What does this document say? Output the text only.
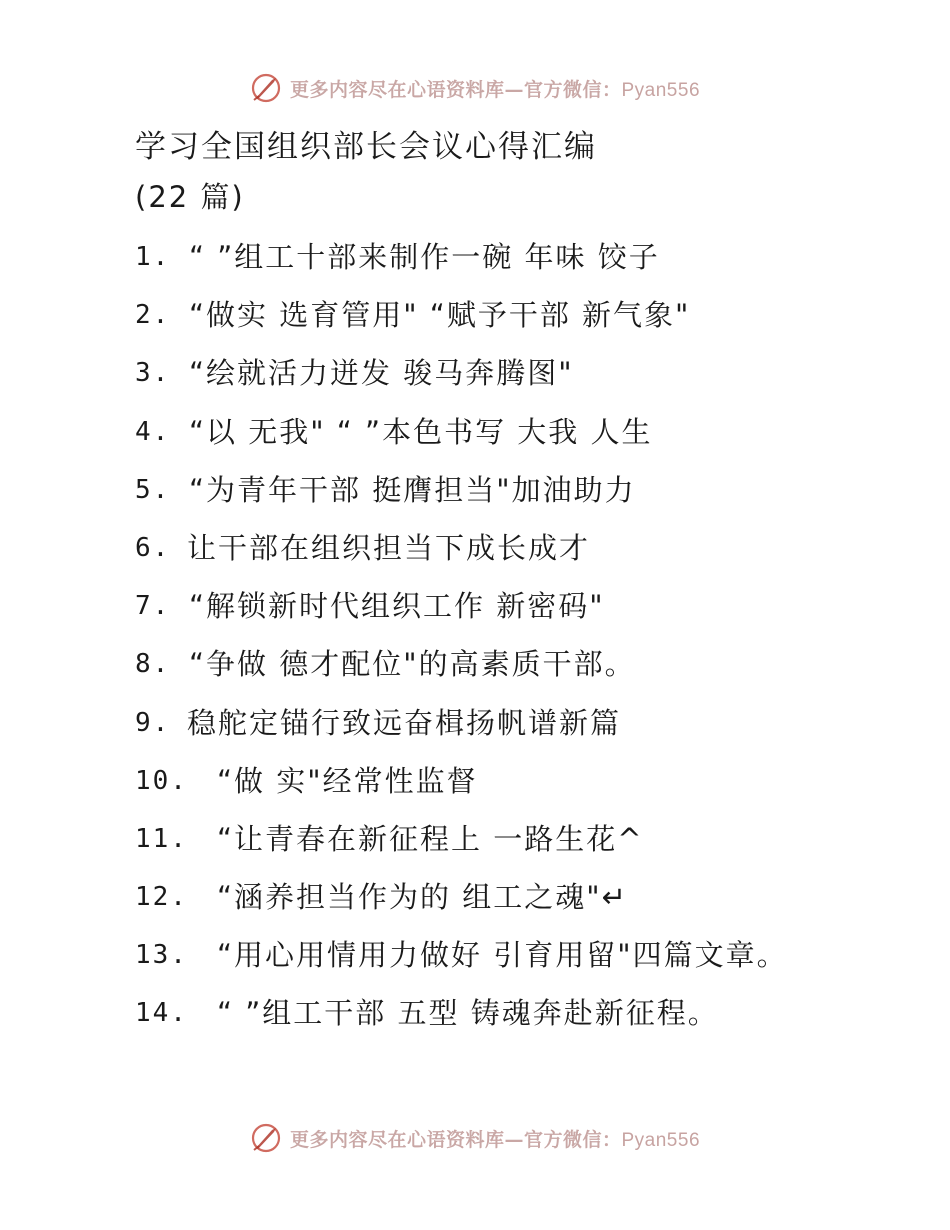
更多内容尽在心语资料库—官方微信：Pyan556
学习全国组织部长会议心得汇编
(22 篇)
1. “ ”组工十部来制作一碗 年味 饺子
2. “做实 选育管用" “赋予干部 新气象"
3. “绘就活力迸发 骏马奔腾图"
4. “以 无我" “ ”本色书写 大我 人生
5. “为青年干部 挺膺担当"加油助力
6. 让干部在组织担当下成长成才
7. “解锁新时代组织工作 新密码"
8. “争做 德才配位"的高素质干部。
9. 稳舵定锚行致远奋楫扬帆谱新篇
10.	“做 实"经常性监督
11.	“让青春在新征程上 一路生花^
12.	“涵养担当作为的 组工之魂"↵
13.	“用心用情用力做好 引育用留"四篇文章。
14.	“ ”组工干部 五型 铸魂奔赴新征程。
更多内容尽在心语资料库—官方微信：Pyan556
